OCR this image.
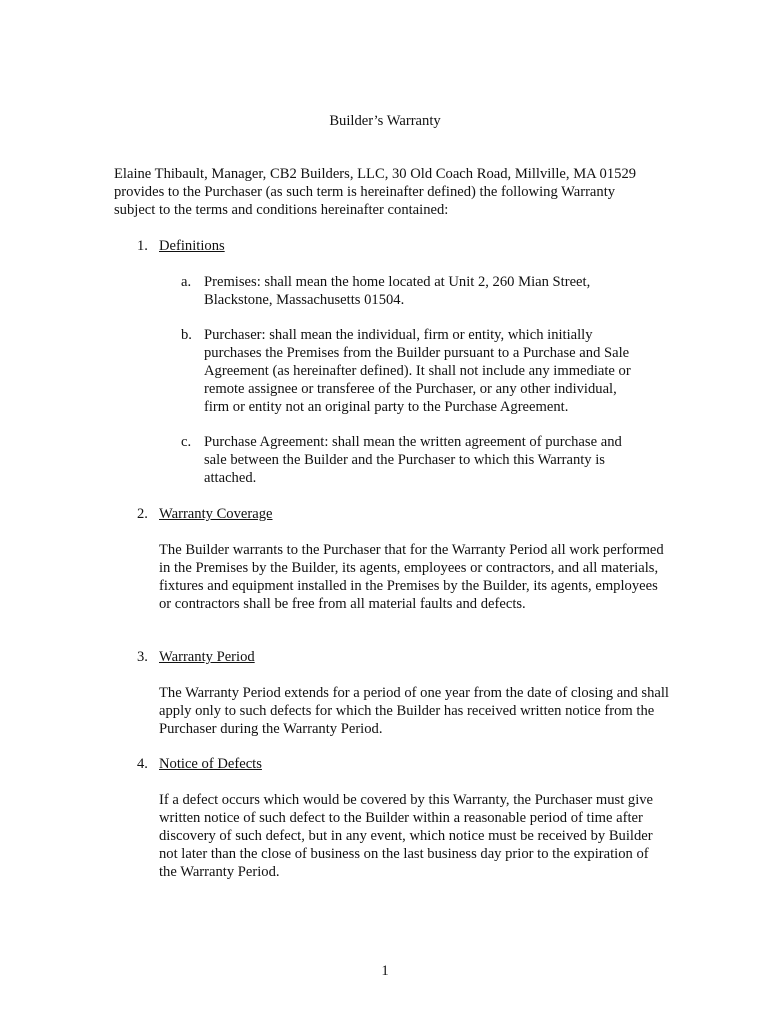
Builder’s Warranty
Elaine Thibault, Manager, CB2 Builders, LLC, 30 Old Coach Road, Millville, MA 01529 provides to the Purchaser (as such term is hereinafter defined) the following Warranty subject to the terms and conditions hereinafter contained:
1. Definitions
a. Premises: shall mean the home located at Unit 2, 260 Mian Street, Blackstone, Massachusetts 01504.
b. Purchaser: shall mean the individual, firm or entity, which initially purchases the Premises from the Builder pursuant to a Purchase and Sale Agreement (as hereinafter defined). It shall not include any immediate or remote assignee or transferee of the Purchaser, or any other individual, firm or entity not an original party to the Purchase Agreement.
c. Purchase Agreement: shall mean the written agreement of purchase and sale between the Builder and the Purchaser to which this Warranty is attached.
2. Warranty Coverage
The Builder warrants to the Purchaser that for the Warranty Period all work performed in the Premises by the Builder, its agents, employees or contractors, and all materials, fixtures and equipment installed in the Premises by the Builder, its agents, employees or contractors shall be free from all material faults and defects.
3. Warranty Period
The Warranty Period extends for a period of one year from the date of closing and shall apply only to such defects for which the Builder has received written notice from the Purchaser during the Warranty Period.
4. Notice of Defects
If a defect occurs which would be covered by this Warranty, the Purchaser must give written notice of such defect to the Builder within a reasonable period of time after discovery of such defect, but in any event, which notice must be received by Builder not later than the close of business on the last business day prior to the expiration of the Warranty Period.
1
